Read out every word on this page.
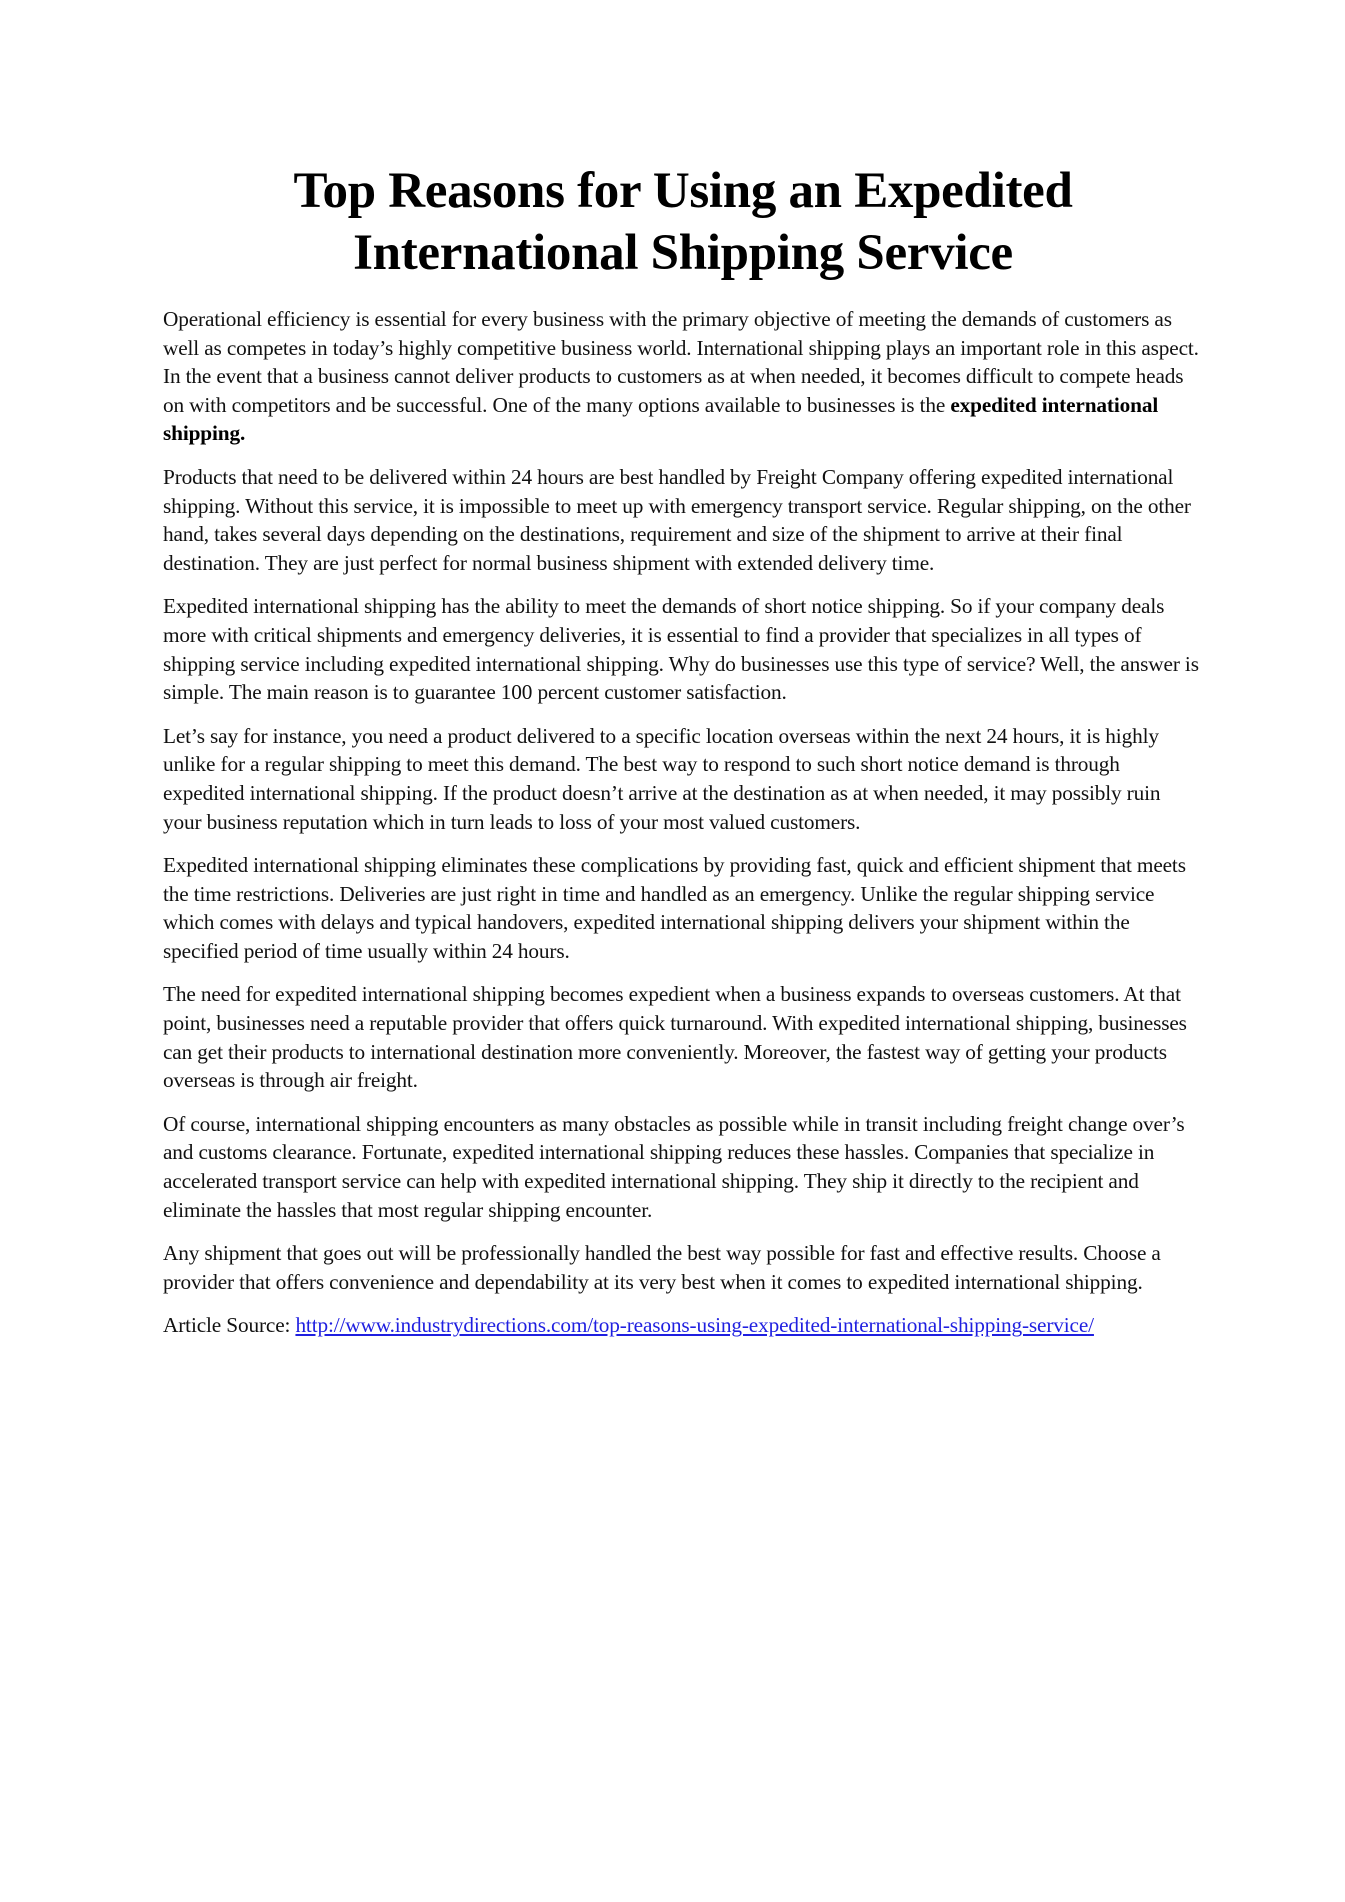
Top Reasons for Using an Expedited International Shipping Service

Operational efficiency is essential for every business with the primary objective of meeting the demands of customers as well as competes in today’s highly competitive business world. International shipping plays an important role in this aspect. In the event that a business cannot deliver products to customers as at when needed, it becomes difficult to compete heads on with competitors and be successful. One of the many options available to businesses is the expedited international shipping.

Products that need to be delivered within 24 hours are best handled by Freight Company offering expedited international shipping. Without this service, it is impossible to meet up with emergency transport service. Regular shipping, on the other hand, takes several days depending on the destinations, requirement and size of the shipment to arrive at their final destination. They are just perfect for normal business shipment with extended delivery time.

Expedited international shipping has the ability to meet the demands of short notice shipping. So if your company deals more with critical shipments and emergency deliveries, it is essential to find a provider that specializes in all types of shipping service including expedited international shipping. Why do businesses use this type of service? Well, the answer is simple. The main reason is to guarantee 100 percent customer satisfaction.

Let’s say for instance, you need a product delivered to a specific location overseas within the next 24 hours, it is highly unlike for a regular shipping to meet this demand. The best way to respond to such short notice demand is through expedited international shipping. If the product doesn’t arrive at the destination as at when needed, it may possibly ruin your business reputation which in turn leads to loss of your most valued customers.

Expedited international shipping eliminates these complications by providing fast, quick and efficient shipment that meets the time restrictions. Deliveries are just right in time and handled as an emergency. Unlike the regular shipping service which comes with delays and typical handovers, expedited international shipping delivers your shipment within the specified period of time usually within 24 hours.

The need for expedited international shipping becomes expedient when a business expands to overseas customers. At that point, businesses need a reputable provider that offers quick turnaround. With expedited international shipping, businesses can get their products to international destination more conveniently. Moreover, the fastest way of getting your products overseas is through air freight.

Of course, international shipping encounters as many obstacles as possible while in transit including freight change over’s and customs clearance. Fortunate, expedited international shipping reduces these hassles. Companies that specialize in accelerated transport service can help with expedited international shipping. They ship it directly to the recipient and eliminate the hassles that most regular shipping encounter.

Any shipment that goes out will be professionally handled the best way possible for fast and effective results. Choose a provider that offers convenience and dependability at its very best when it comes to expedited international shipping.

Article Source: http://www.industrydirections.com/top-reasons-using-expedited-international-shipping-service/
